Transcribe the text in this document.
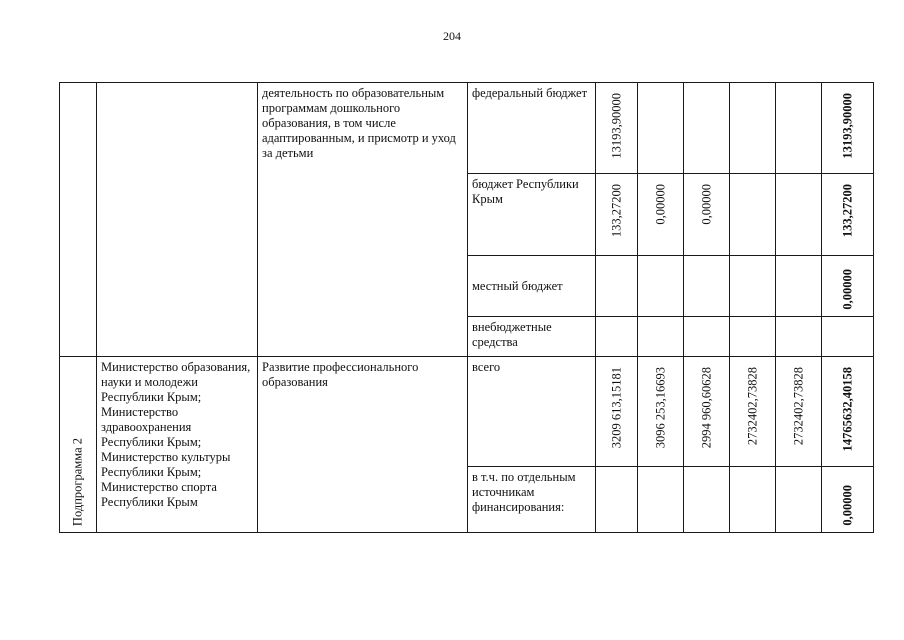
204
		деятельность по образовательным программам дошкольного образования, в том числе адаптированным, и присмотр и уход за детьми	федеральный бюджет	13193,90000					13193,90000

			бюджет Республики Крым	133,27200	0,00000	0,00000			133,27200

			местный бюджет						0,00000

			внебюджетные средства						

Подпрограмма 2	Министерство образования, науки и молодежи Республики Крым; Министерство здравоохранения Республики Крым; Министерство культуры Республики Крым; Министерство спорта Республики Крым	Развитие профессионального образования	всего	3209 613,15181	3096 253,16693	2994 960,60628	2732402,73828	2732402,73828	14765632,40158

			в т.ч. по отдельным источникам финансирования:						0,00000
